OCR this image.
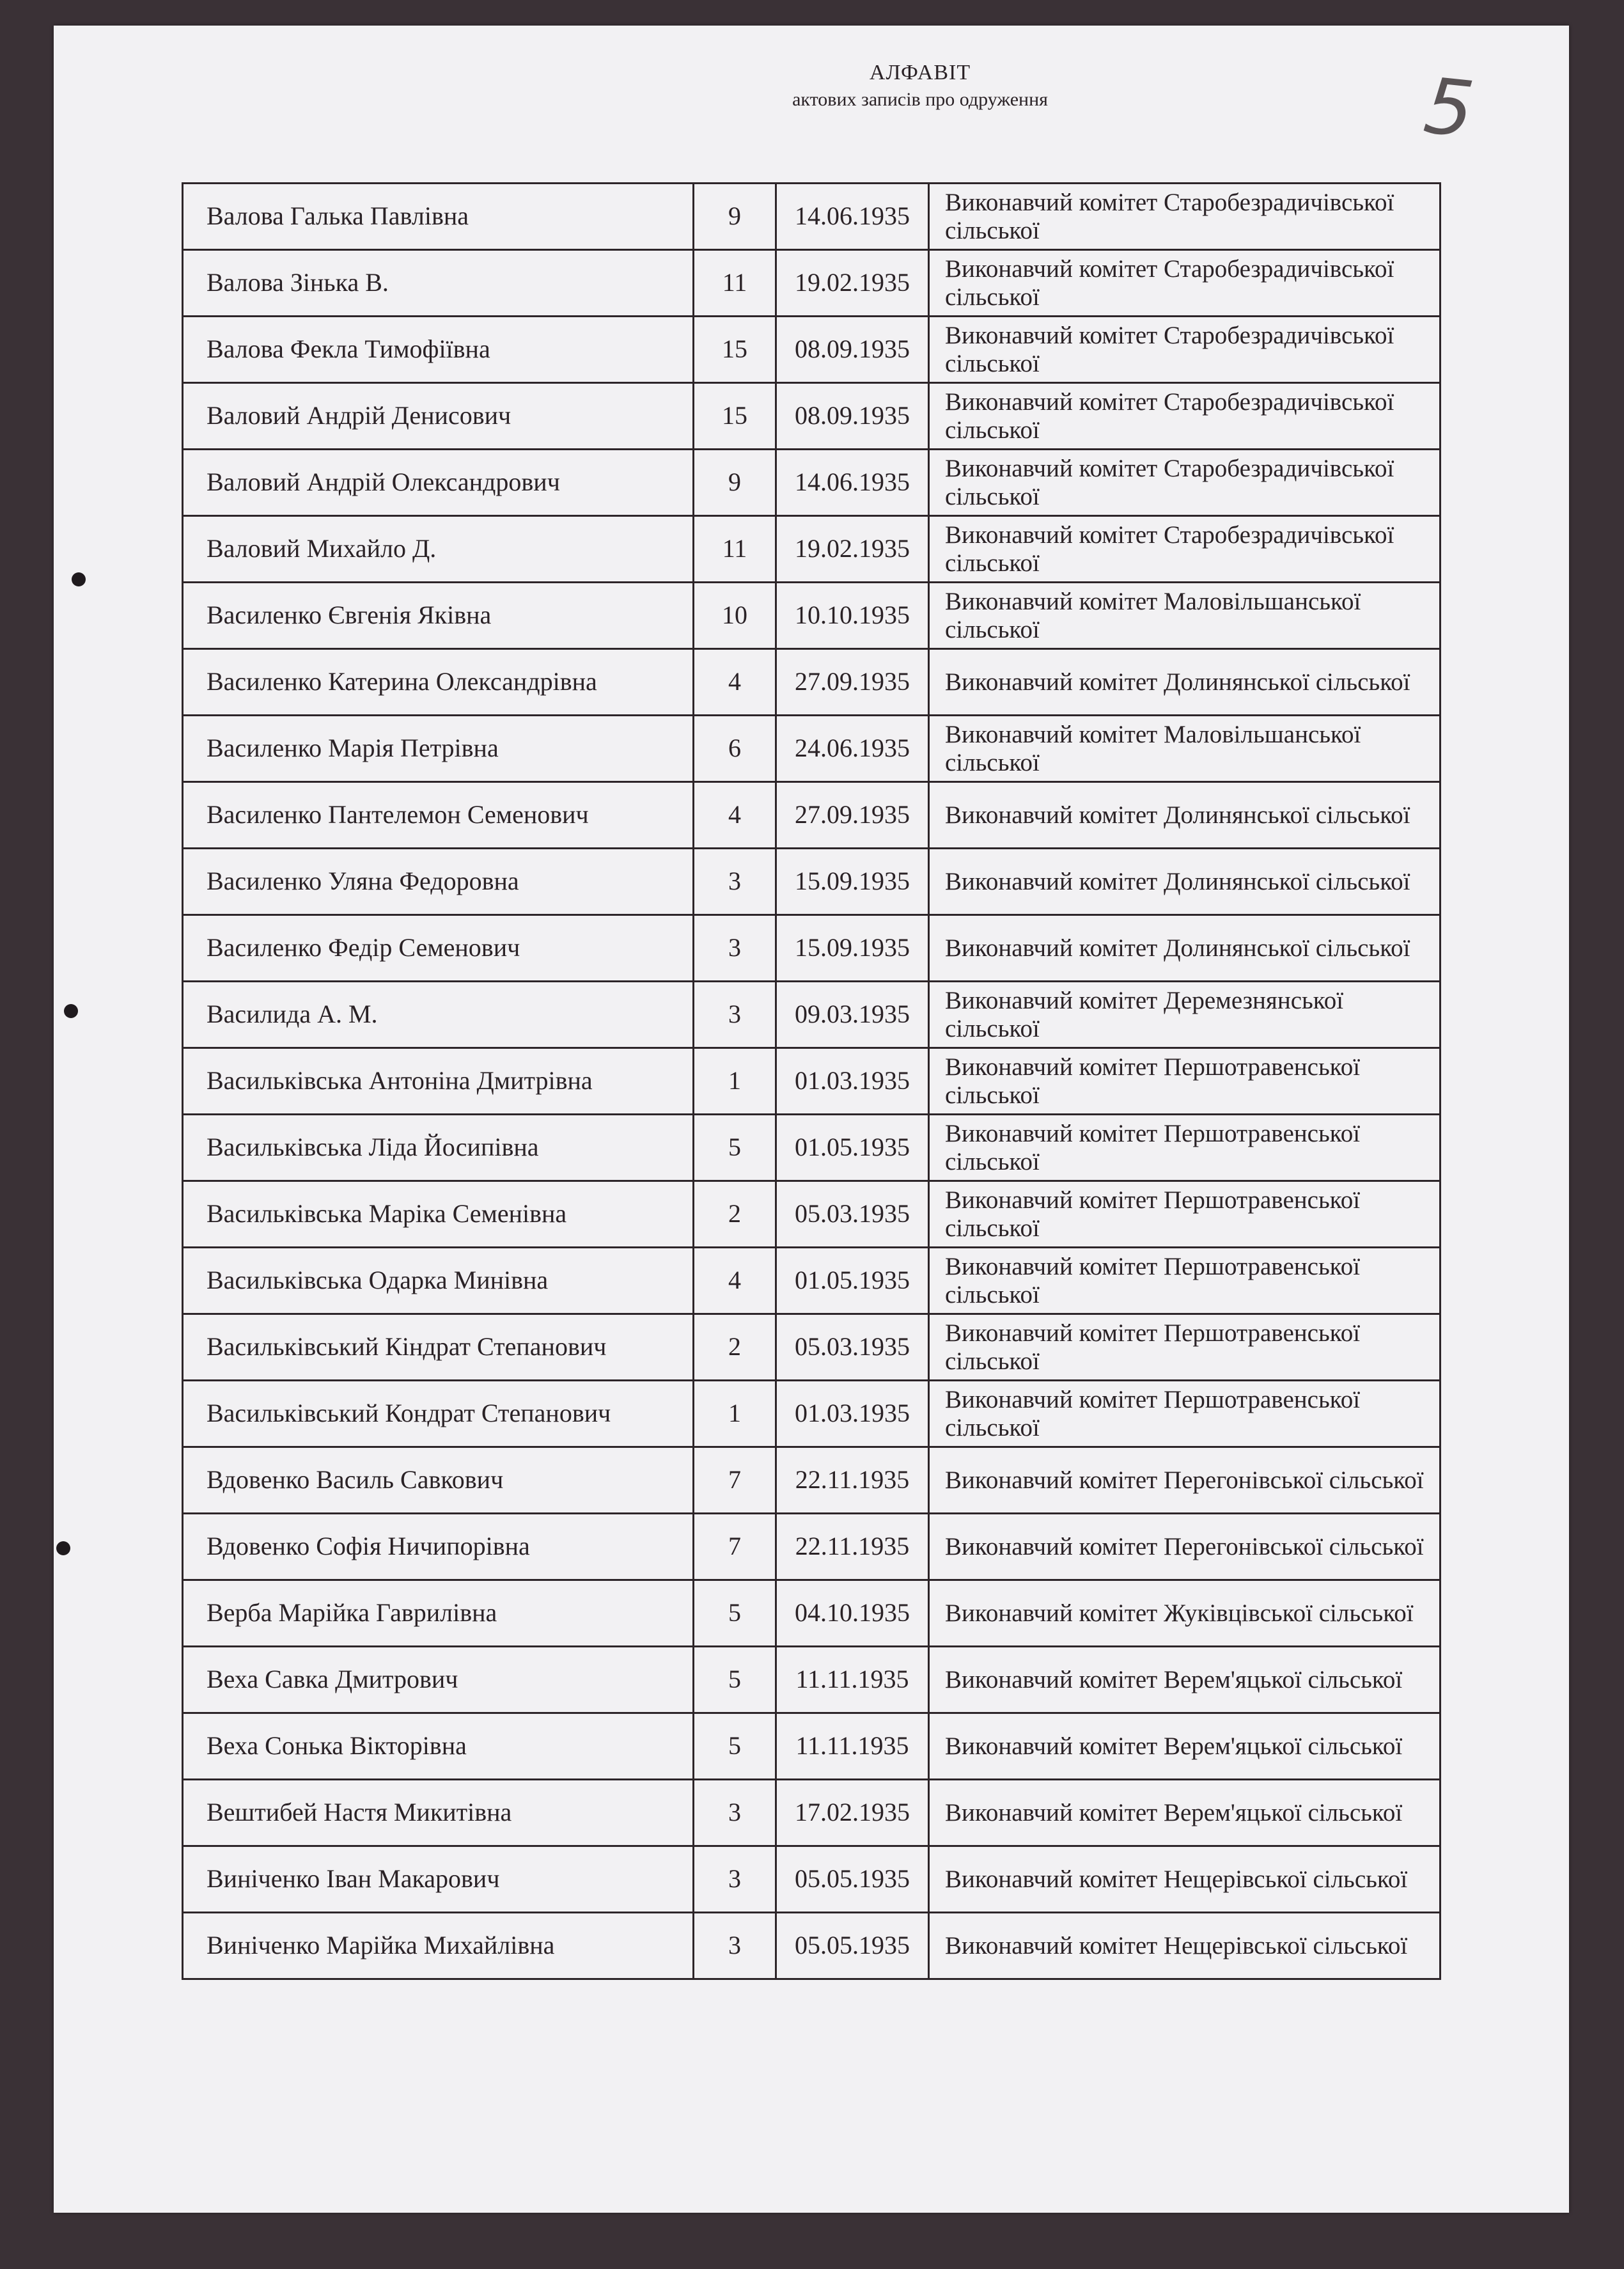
АЛФАВІТ
актових записів про одруження	5
Валова Галька Павлівна	9	14.06.1935	Виконавчий комітет Старобезрадичівської сільської
Валова Зінька В.	11	19.02.1935	Виконавчий комітет Старобезрадичівської сільської
Валова Фекла Тимофіївна	15	08.09.1935	Виконавчий комітет Старобезрадичівської сільської
Валовий Андрій Денисович	15	08.09.1935	Виконавчий комітет Старобезрадичівської сільської
Валовий Андрій Олександрович	9	14.06.1935	Виконавчий комітет Старобезрадичівської сільської
Валовий Михайло Д.	11	19.02.1935	Виконавчий комітет Старобезрадичівської сільської
Василенко Євгенія Яківна	10	10.10.1935	Виконавчий комітет Маловільшанської сільської
Василенко Катерина Олександрівна	4	27.09.1935	Виконавчий комітет Долинянської сільської
Василенко Марія Петрівна	6	24.06.1935	Виконавчий комітет Маловільшанської сільської
Василенко Пантелемон Семенович	4	27.09.1935	Виконавчий комітет Долинянської сільської
Василенко Уляна Федоровна	3	15.09.1935	Виконавчий комітет Долинянської сільської
Василенко Федір Семенович	3	15.09.1935	Виконавчий комітет Долинянської сільської
Василида А. М.	3	09.03.1935	Виконавчий комітет Деремезнянської сільської
Васильківська Антоніна Дмитрівна	1	01.03.1935	Виконавчий комітет Першотравенської сільської
Васильківська Ліда Йосипівна	5	01.05.1935	Виконавчий комітет Першотравенської сільської
Васильківська Маріка Семенівна	2	05.03.1935	Виконавчий комітет Першотравенської сільської
Васильківська Одарка Минівна	4	01.05.1935	Виконавчий комітет Першотравенської сільської
Васильківський Кіндрат Степанович	2	05.03.1935	Виконавчий комітет Першотравенської сільської
Васильківський Кондрат Степанович	1	01.03.1935	Виконавчий комітет Першотравенської сільської
Вдовенко Василь Савкович	7	22.11.1935	Виконавчий комітет Перегонівської сільської
Вдовенко Софія Ничипорівна	7	22.11.1935	Виконавчий комітет Перегонівської сільської
Верба Марійка Гаврилівна	5	04.10.1935	Виконавчий комітет Жуківцівської сільської
Веха Савка Дмитрович	5	11.11.1935	Виконавчий комітет Верем'яцької сільської
Веха Сонька Вікторівна	5	11.11.1935	Виконавчий комітет Верем'яцької сільської
Вештибей Настя Микитівна	3	17.02.1935	Виконавчий комітет Верем'яцької сільської
Виніченко Іван Макарович	3	05.05.1935	Виконавчий комітет Нещерівської сільської
Виніченко Марійка Михайлівна	3	05.05.1935	Виконавчий комітет Нещерівської сільської
